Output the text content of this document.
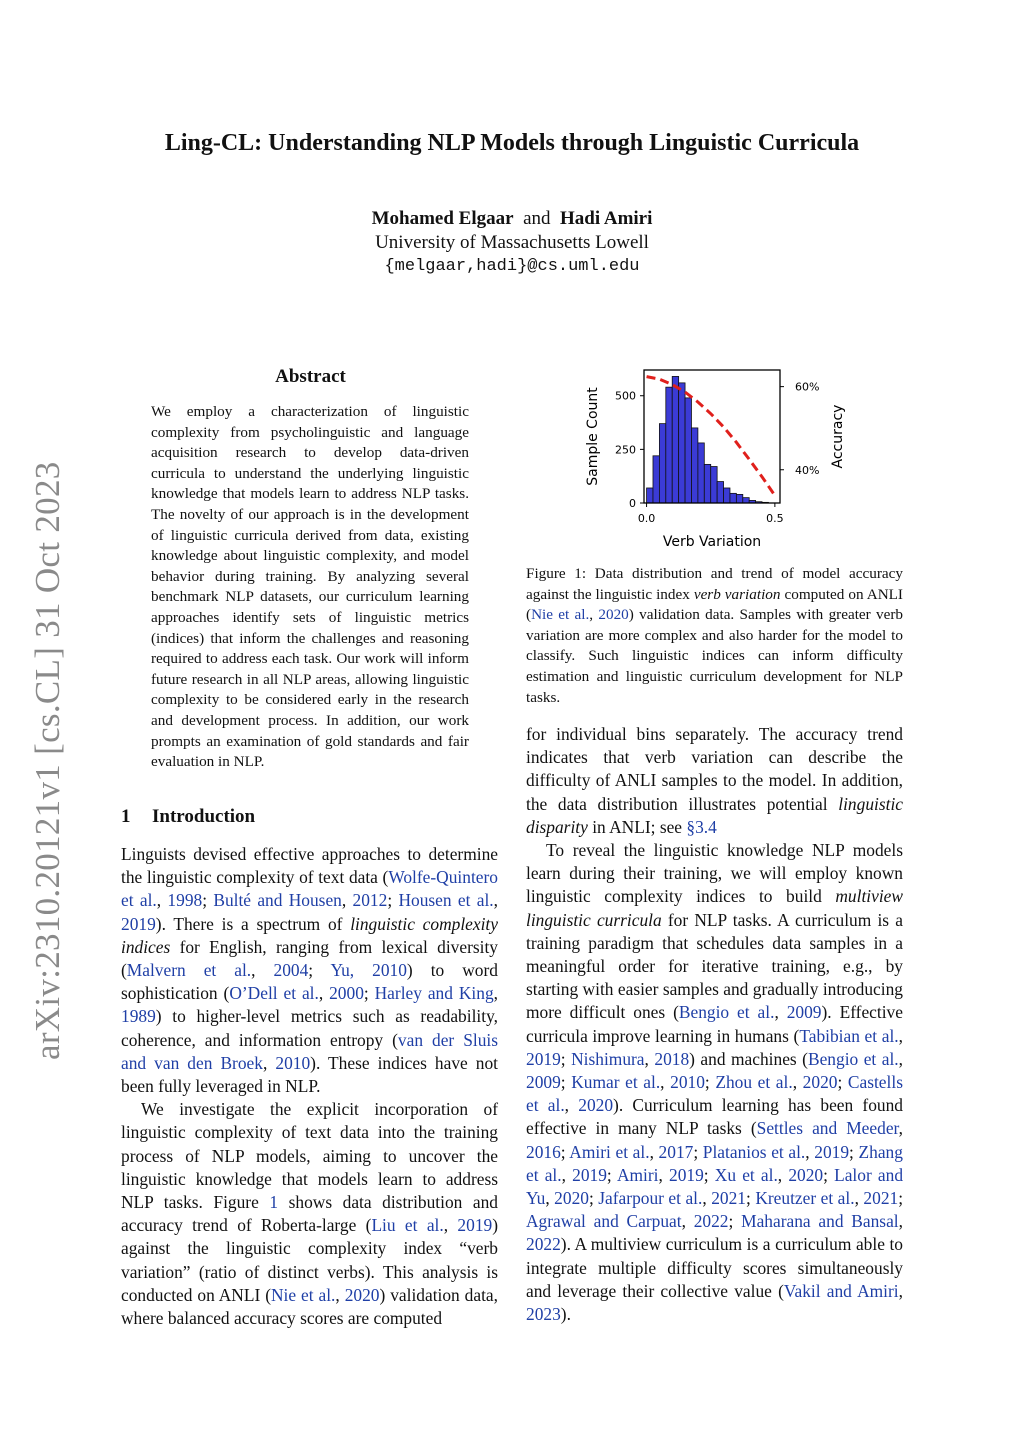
arXiv:2310.20121v1 [cs.CL] 31 Oct 2023
Ling-CL: Understanding NLP Models through Linguistic Curricula
Mohamed Elgaar and Hadi Amiri
University of Massachusetts Lowell
{melgaar,hadi}@cs.uml.edu
Abstract
We employ a characterization of linguistic complexity from psycholinguistic and language acquisition research to develop data-driven curricula to understand the underlying linguistic knowledge that models learn to address NLP tasks. The novelty of our approach is in the development of linguistic curricula derived from data, existing knowledge about linguistic complexity, and model behavior during training. By analyzing several benchmark NLP datasets, our curriculum learning approaches identify sets of linguistic metrics (indices) that inform the challenges and reasoning required to address each task. Our work will inform future research in all NLP areas, allowing linguistic complexity to be considered early in the research and development process. In addition, our work prompts an examination of gold standards and fair evaluation in NLP.
1 Introduction

Linguists devised effective approaches to determine the linguistic complexity of text data (Wolfe-Quintero et al., 1998; Bulté and Housen, 2012; Housen et al., 2019). There is a spectrum of linguistic complexity indices for English, ranging from lexical diversity (Malvern et al., 2004; Yu, 2010) to word sophistication (O’Dell et al., 2000; Harley and King, 1989) to higher-level metrics such as readability, coherence, and information entropy (van der Sluis and van den Broek, 2010). These indices have not been fully leveraged in NLP.

We investigate the explicit incorporation of linguistic complexity of text data into the training process of NLP models, aiming to uncover the linguistic knowledge that models learn to address NLP tasks. Figure 1 shows data distribution and accuracy trend of Roberta-large (Liu et al., 2019) against the linguistic complexity index “verb variation” (ratio of distinct verbs). This analysis is conducted on ANLI (Nie et al., 2020) validation data, where balanced accuracy scores are computed

0
250
500
40%
60%
0.0	0.5
Verb Variation
Sample Count	Accuracy
Figure 1: Data distribution and trend of model accuracy against the linguistic index verb variation computed on ANLI (Nie et al., 2020) validation data. Samples with greater verb variation are more complex and also harder for the model to classify. Such linguistic indices can inform difficulty estimation and linguistic curriculum development for NLP tasks.

for individual bins separately. The accuracy trend indicates that verb variation can describe the difficulty of ANLI samples to the model. In addition, the data distribution illustrates potential linguistic disparity in ANLI; see §3.4

To reveal the linguistic knowledge NLP models learn during their training, we will employ known linguistic complexity indices to build multiview linguistic curricula for NLP tasks. A curriculum is a training paradigm that schedules data samples in a meaningful order for iterative training, e.g., by starting with easier samples and gradually introducing more difficult ones (Bengio et al., 2009). Effective curricula improve learning in humans (Tabibian et al., 2019; Nishimura, 2018) and machines (Bengio et al., 2009; Kumar et al., 2010; Zhou et al., 2020; Castells et al., 2020). Curriculum learning has been found effective in many NLP tasks (Settles and Meeder, 2016; Amiri et al., 2017; Platanios et al., 2019; Zhang et al., 2019; Amiri, 2019; Xu et al., 2020; Lalor and Yu, 2020; Jafarpour et al., 2021; Kreutzer et al., 2021; Agrawal and Carpuat, 2022; Maharana and Bansal, 2022). A multiview curriculum is a curriculum able to integrate multiple difficulty scores simultaneously and leverage their collective value (Vakil and Amiri, 2023).
